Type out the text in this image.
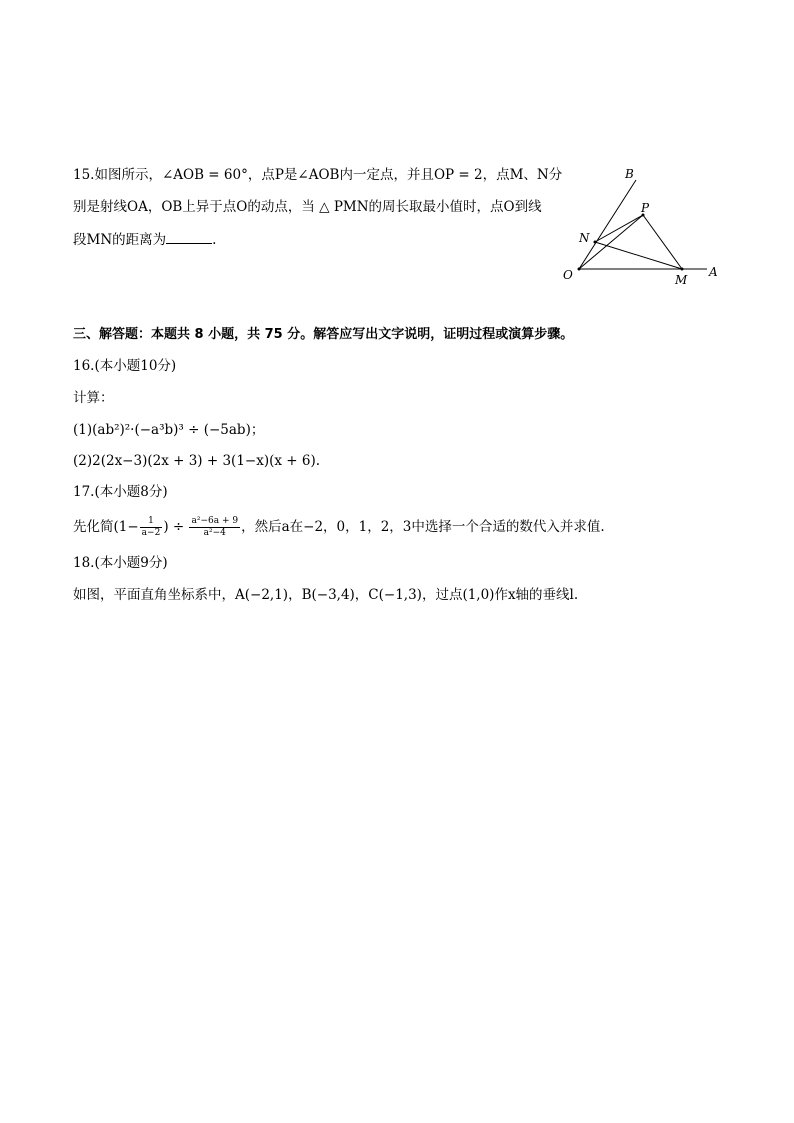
15.如图所示，∠AOB = 60°，点P是∠AOB内一定点，并且OP = 2，点M、N分
别是射线OA，OB上异于点O的动点，当 △ PMN的周长取最小值时，点O到线
段MN的距离为	.
B
P
N
O	M
A
三、解答题：本题共 8 小题，共 75 分。解答应写出文字说明，证明过程或演算步骤。
16.(本小题10分)
计算：
(1)(ab²)²·(−a³b)³ ÷ (−5ab)；
(2)2(2x−3)(2x + 3) + 3(1−x)(x + 6).
17.(本小题8分)
先化简($1- \frac{1}{a-2}$ ) ÷ $\frac{\text{a²−6a + 9}}{\text{a²−4}}$ ，然后a在−2，0，1，2，3中选择一个合适的数代入并求值.
18.(本小题9分)
如图，平面直角坐标系中，A(−2,1)，B(−3,4)，C(−1,3)，过点(1,0)作x轴的垂线l.
